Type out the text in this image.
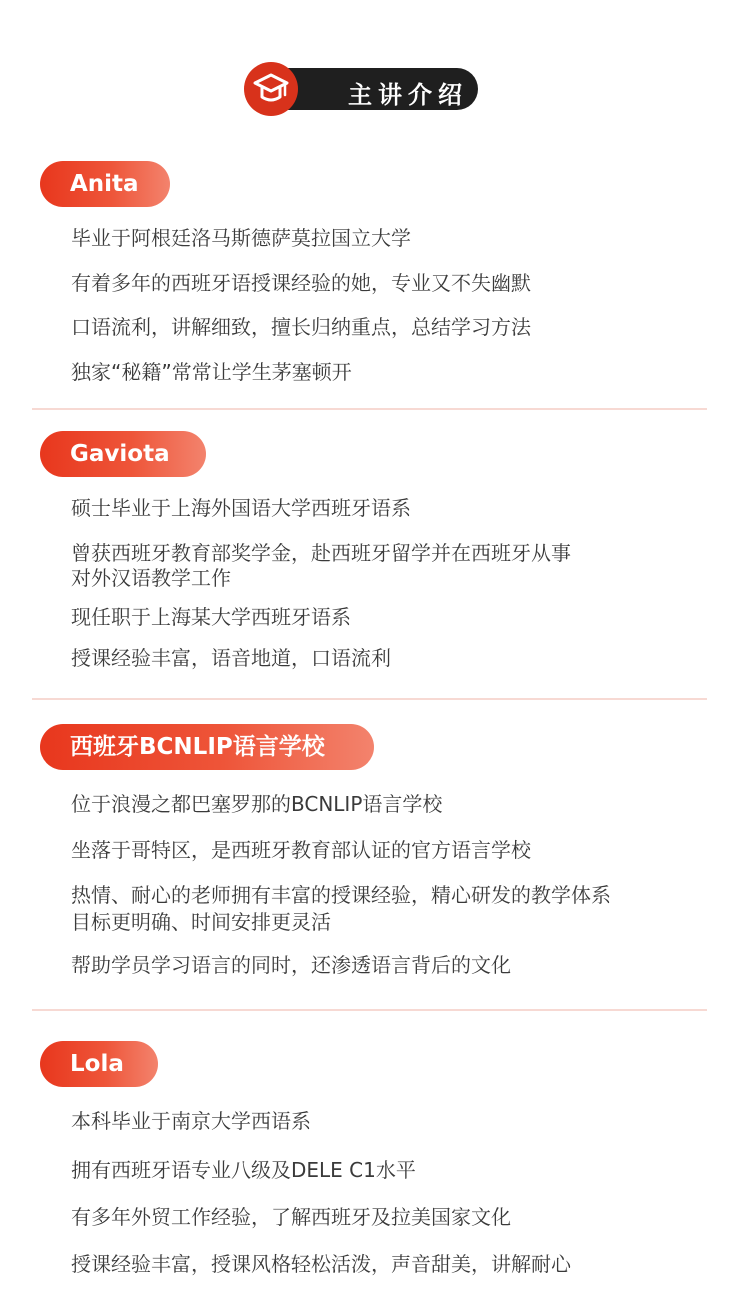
主讲介绍
Anita

毕业于阿根廷洛马斯德萨莫拉国立大学

有着多年的西班牙语授课经验的她，专业又不失幽默

口语流利，讲解细致，擅长归纳重点，总结学习方法

独家“秘籍”常常让学生茅塞顿开

Gaviota

硕士毕业于上海外国语大学西班牙语系

曾获西班牙教育部奖学金，赴西班牙留学并在西班牙从事

对外汉语教学工作

现任职于上海某大学西班牙语系

授课经验丰富，语音地道，口语流利

西班牙BCNLIP语言学校

位于浪漫之都巴塞罗那的BCNLIP语言学校

坐落于哥特区，是西班牙教育部认证的官方语言学校

热情、耐心的老师拥有丰富的授课经验，精心研发的教学体系

目标更明确、时间安排更灵活

帮助学员学习语言的同时，还渗透语言背后的文化

Lola

本科毕业于南京大学西语系

拥有西班牙语专业八级及DELE C1水平

有多年外贸工作经验，了解西班牙及拉美国家文化

授课经验丰富，授课风格轻松活泼，声音甜美，讲解耐心
